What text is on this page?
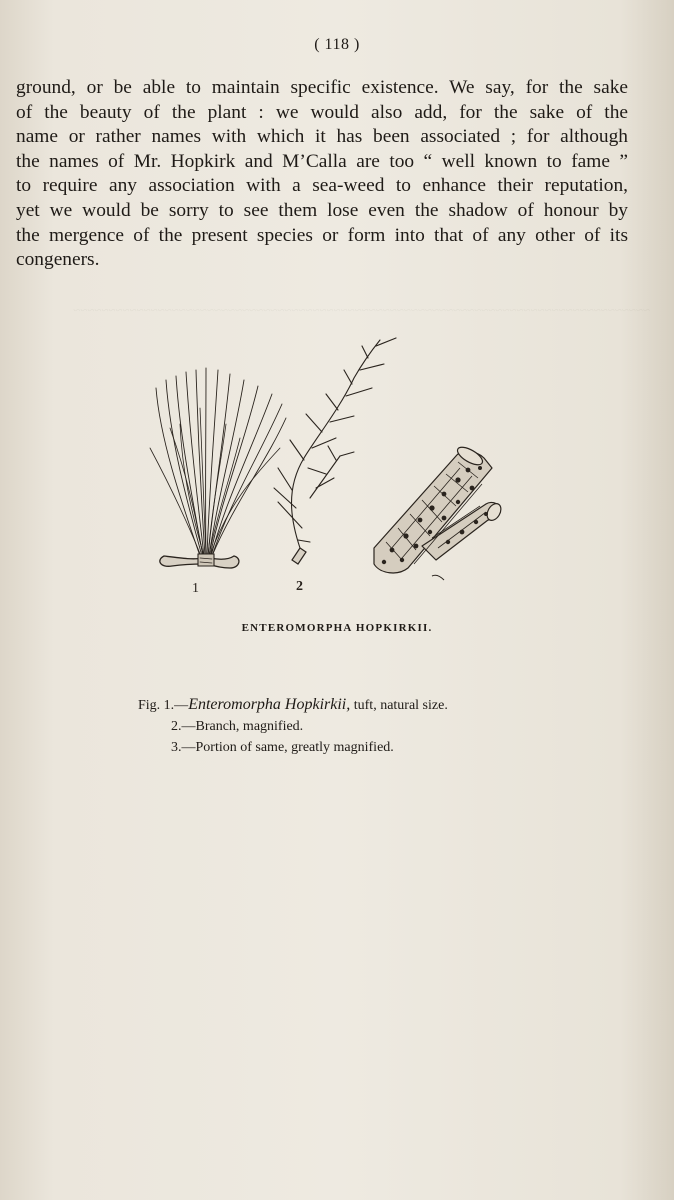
~~~~~~~~~~~~~~~~~~~~~~~~~~~~~~~~~~~~~~~~~~~~~~~~~~~~~~~~~~~~~~~~~~~~~~~~~~~~~~~~~~
( 118 )
ground, or be able to maintain specific existence. We say, for the sake
of the beauty of the plant : we would also add, for the sake of the
name or rather names with which it has been associated ; for although
the names of Mr. Hopkirk and M’Calla are too “ well known to fame ”
to require any association with a sea-weed to enhance their reputation,
yet we would be sorry to see them lose even the shadow of honour by
the mergence of the present species or form into that of any other of its
congeners.
1	2
3
ENTEROMORPHA HOPKIRKII.
Fig. 1.—Enteromorpha Hopkirkii, tuft, natural size.
2.—Branch, magnified.
3.—Portion of same, greatly magnified.
